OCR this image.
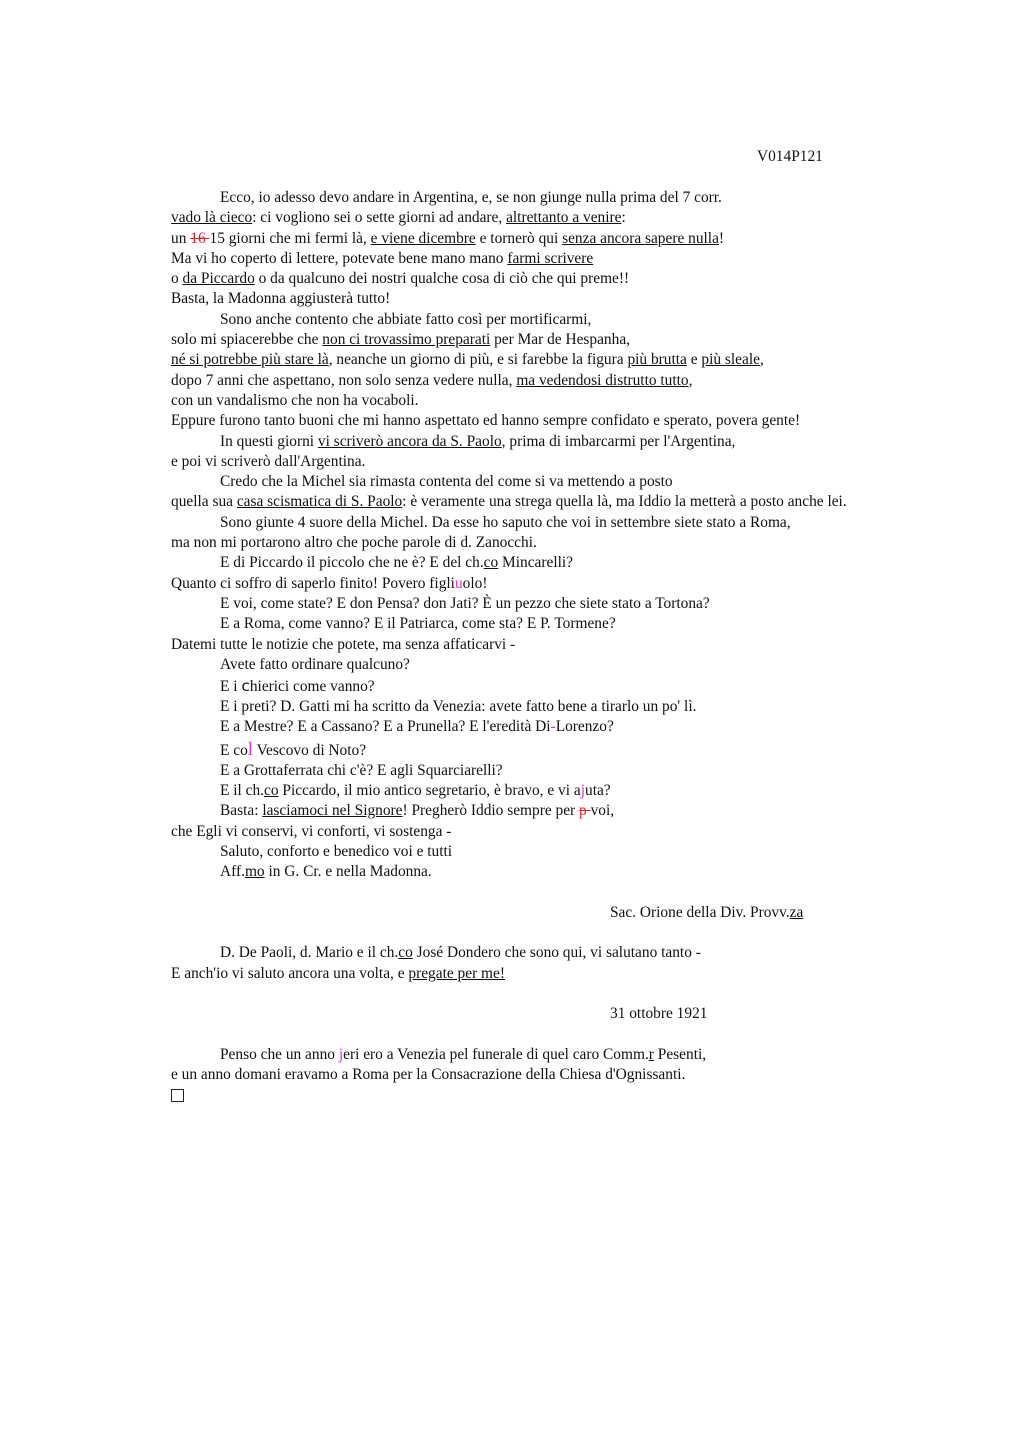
V014P121
Ecco, io adesso devo andare in Argentina, e, se non giunge nulla prima del 7 corr.
vado là cieco: ci vogliono sei o sette giorni ad andare, altrettanto a venire:
un 16 15 giorni che mi fermi là, e viene dicembre e tornerò qui senza ancora sapere nulla!
Ma vi ho coperto di lettere, potevate bene mano mano farmi scrivere
o da Piccardo o da qualcuno dei nostri qualche cosa di ciò che qui preme!!
Basta, la Madonna aggiusterà tutto!
Sono anche contento che abbiate fatto così per mortificarmi,
solo mi spiacerebbe che non ci trovassimo preparati per Mar de Hespanha,
né si potrebbe più stare là, neanche un giorno di più, e si farebbe la figura più brutta e più sleale,
dopo 7 anni che aspettano, non solo senza vedere nulla, ma vedendosi distrutto tutto,
con un vandalismo che non ha vocaboli.
Eppure furono tanto buoni che mi hanno aspettato ed hanno sempre confidato e sperato, povera gente!
In questi giorni vi scriverò ancora da S. Paolo, prima di imbarcarmi per l'Argentina,
e poi vi scriverò dall'Argentina.
Credo che la Michel sia rimasta contenta del come si va mettendo a posto
quella sua casa scismatica di S. Paolo: è veramente una strega quella là, ma Iddio la metterà a posto anche lei.
Sono giunte 4 suore della Michel. Da esse ho saputo che voi in settembre siete stato a Roma,
ma non mi portarono altro che poche parole di d. Zanocchi.
E di Piccardo il piccolo che ne è? E del ch.co Mincarelli?
Quanto ci soffro di saperlo finito! Povero figliuolo!
E voi, come state? E don Pensa? don Jati? È un pezzo che siete stato a Tortona?
E a Roma, come vanno? E il Patriarca, come sta? E P. Tormene?
Datemi tutte le notizie che potete, ma senza affaticarvi -
Avete fatto ordinare qualcuno?
E i chierici come vanno?
E i preti? D. Gatti mi ha scritto da Venezia: avete fatto bene a tirarlo un po' lì.
E a Mestre? E a Cassano? E a Prunella? E l'eredità Di-Lorenzo?
E col Vescovo di Noto?
E a Grottaferrata chi c'è? E agli Squarciarelli?
E il ch.co Piccardo, il mio antico segretario, è bravo, e vi ajuta?
Basta: lasciamoci nel Signore! Pregherò Iddio sempre per p voi,
che Egli vi conservi, vi conforti, vi sostenga -
Saluto, conforto e benedico voi e tutti
Aff.mo in G. Cr. e nella Madonna.
Sac. Orione della Div. Provv.za
D. De Paoli, d. Mario e il ch.co José Dondero che sono qui, vi salutano tanto -
E anch'io vi saluto ancora una volta, e pregate per me!
31 ottobre 1921
Penso che un anno jeri ero a Venezia pel funerale di quel caro Comm.r Pesenti,
e un anno domani eravamo a Roma per la Consacrazione della Chiesa d'Ognissanti.
